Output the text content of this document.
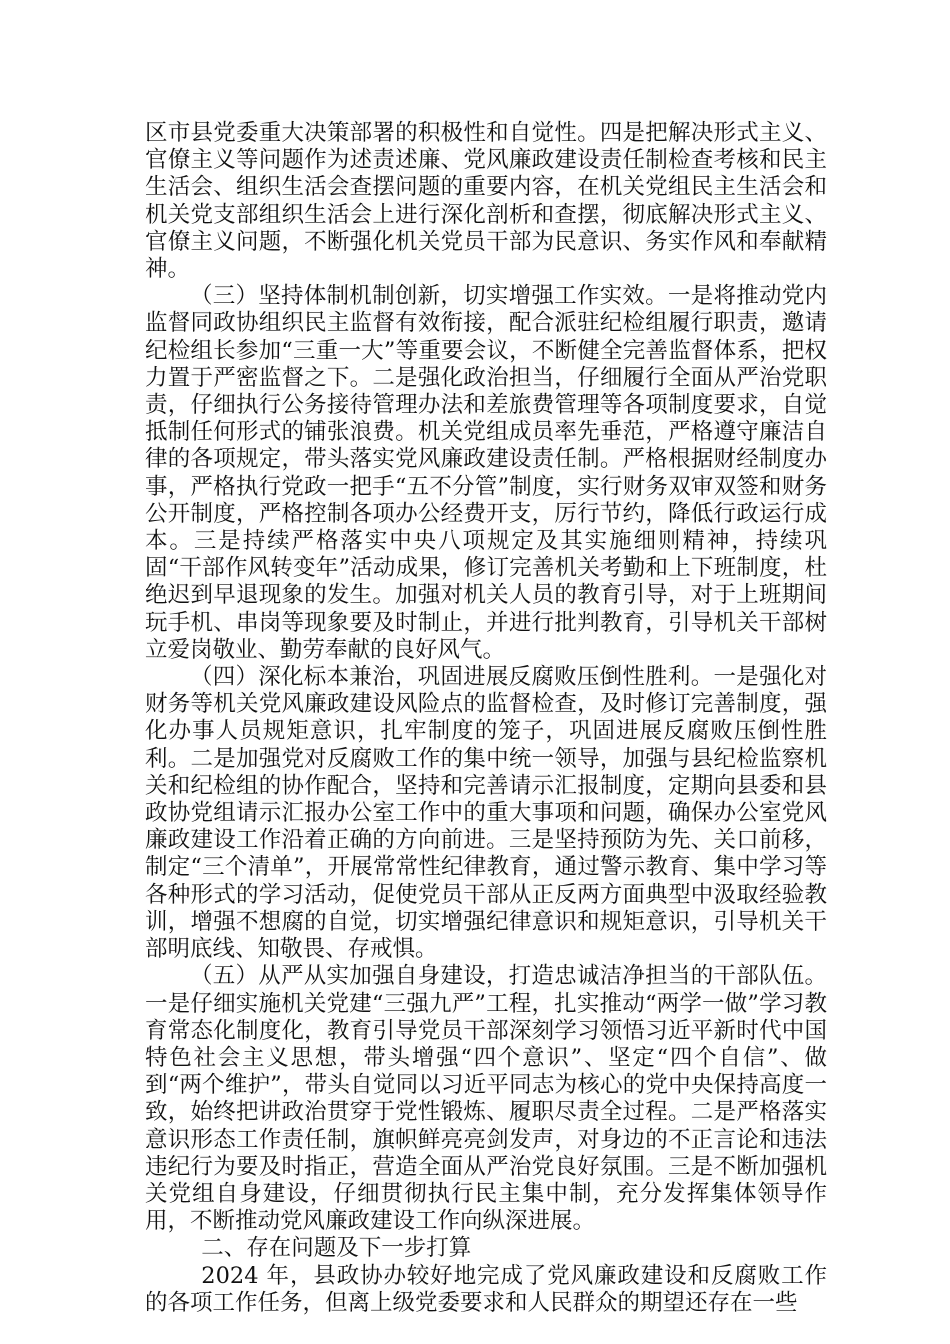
区市县党委重大决策部署的积极性和自觉性。四是把解决形式主义、官僚主义等问题作为述责述廉、党风廉政建设责任制检查考核和民主生活会、组织生活会查摆问题的重要内容，在机关党组民主生活会和机关党支部组织生活会上进行深化剖析和查摆，彻底解决形式主义、官僚主义问题，不断强化机关党员干部为民意识、务实作风和奉献精神。

（三）坚持体制机制创新，切实增强工作实效。一是将推动党内监督同政协组织民主监督有效衔接，配合派驻纪检组履行职责，邀请纪检组长参加“三重一大”等重要会议，不断健全完善监督体系，把权力置于严密监督之下。二是强化政治担当，仔细履行全面从严治党职责，仔细执行公务接待管理办法和差旅费管理等各项制度要求，自觉抵制任何形式的铺张浪费。机关党组成员率先垂范，严格遵守廉洁自律的各项规定，带头落实党风廉政建设责任制。严格根据财经制度办事，严格执行党政一把手“五不分管”制度，实行财务双审双签和财务公开制度，严格控制各项办公经费开支，厉行节约，降低行政运行成本。三是持续严格落实中央八项规定及其实施细则精神，持续巩固“干部作风转变年”活动成果，修订完善机关考勤和上下班制度，杜绝迟到早退现象的发生。加强对机关人员的教育引导，对于上班期间玩手机、串岗等现象要及时制止，并进行批判教育，引导机关干部树立爱岗敬业、勤劳奉献的良好风气。

（四）深化标本兼治，巩固进展反腐败压倒性胜利。一是强化对财务等机关党风廉政建设风险点的监督检查，及时修订完善制度，强化办事人员规矩意识，扎牢制度的笼子，巩固进展反腐败压倒性胜利。二是加强党对反腐败工作的集中统一领导，加强与县纪检监察机关和纪检组的协作配合，坚持和完善请示汇报制度，定期向县委和县政协党组请示汇报办公室工作中的重大事项和问题，确保办公室党风廉政建设工作沿着正确的方向前进。三是坚持预防为先、关口前移，制定“三个清单”，开展常常性纪律教育，通过警示教育、集中学习等各种形式的学习活动，促使党员干部从正反两方面典型中汲取经验教训，增强不想腐的自觉，切实增强纪律意识和规矩意识，引导机关干部明底线、知敬畏、存戒惧。

（五）从严从实加强自身建设，打造忠诚洁净担当的干部队伍。一是仔细实施机关党建“三强九严”工程，扎实推动“两学一做”学习教育常态化制度化，教育引导党员干部深刻学习领悟习近平新时代中国特色社会主义思想，带头增强“四个意识”、坚定“四个自信”、做到“两个维护”，带头自觉同以习近平同志为核心的党中央保持高度一致，始终把讲政治贯穿于党性锻炼、履职尽责全过程。二是严格落实意识形态工作责任制，旗帜鲜亮亮剑发声，对身边的不正言论和违法违纪行为要及时指正，营造全面从严治党良好氛围。三是不断加强机关党组自身建设，仔细贯彻执行民主集中制，充分发挥集体领导作用，不断推动党风廉政建设工作向纵深进展。

二、存在问题及下一步打算

2024 年，县政协办较好地完成了党风廉政建设和反腐败工作的各项工作任务，但离上级党委要求和人民群众的期望还存在一些
